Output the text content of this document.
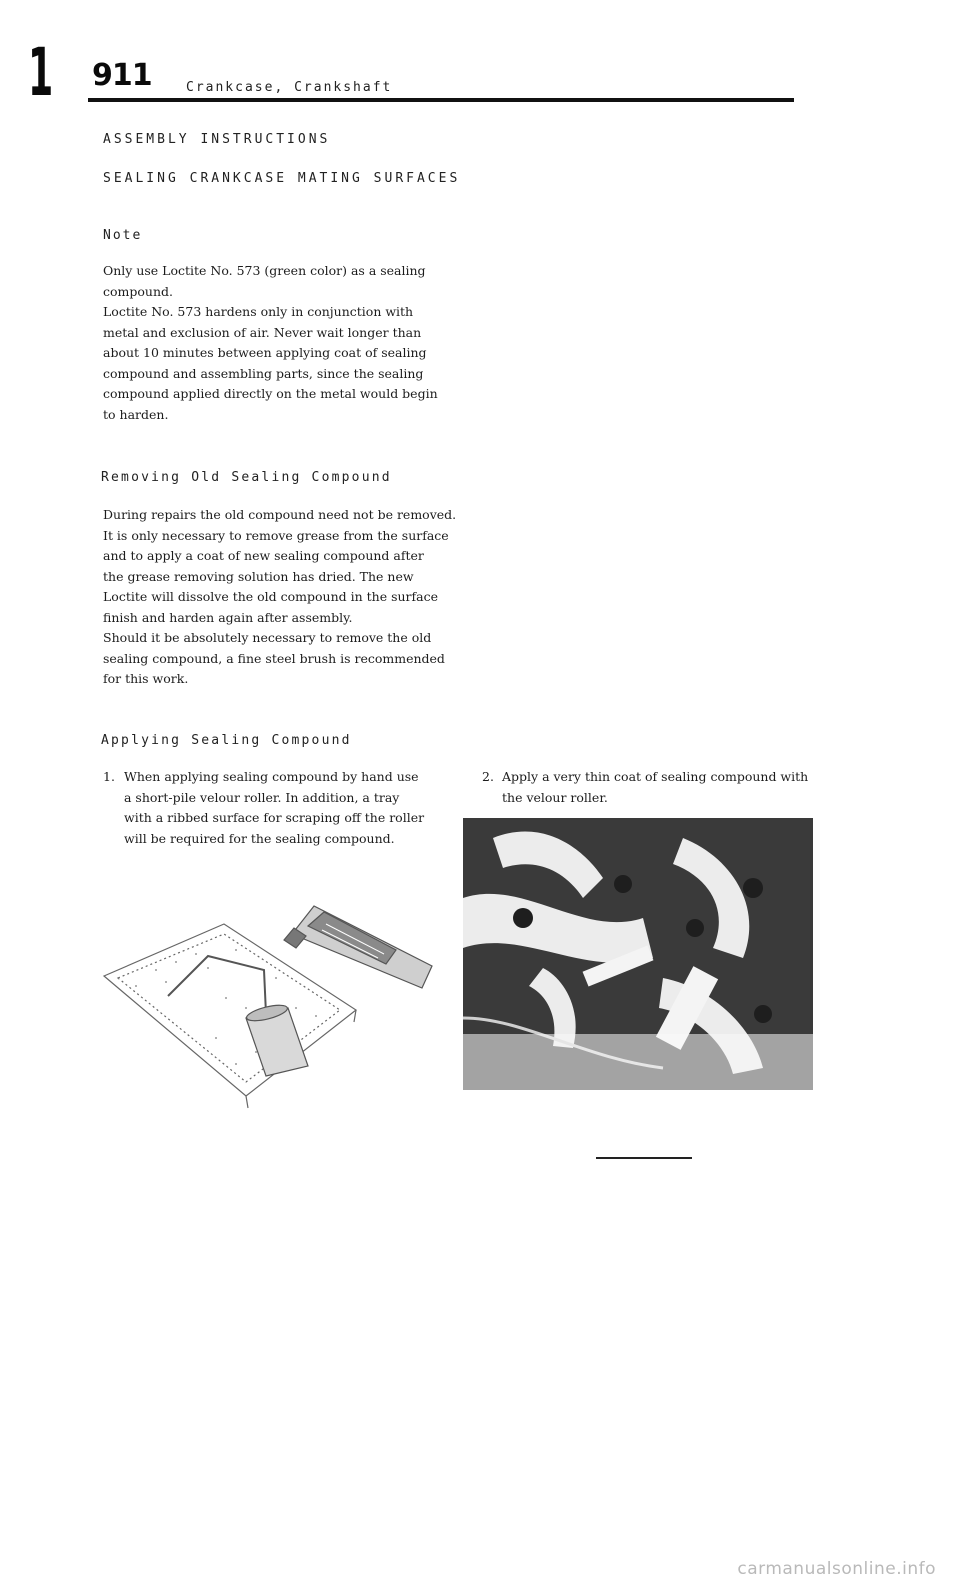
1 911	Crankcase, Crankshaft
ASSEMBLY INSTRUCTIONS
SEALING CRANKCASE MATING SURFACES
Note

Only use Loctite No. 573 (green color) as a sealing

compound.

Loctite No. 573 hardens only in conjunction with

metal and exclusion of air. Never wait longer than

about 10 minutes between applying coat of sealing

compound and assembling parts, since the sealing

compound applied directly on the metal would begin

to harden.

Removing Old Sealing Compound

During repairs the old compound need not be removed.

It is only necessary to remove grease from the surface

and to apply a coat of new sealing compound after

the grease removing solution has dried. The new

Loctite will dissolve the old compound in the surface

finish and harden again after assembly.

Should it be absolutely necessary to remove the old

sealing compound, a fine steel brush is recommended

for this work.

Applying Sealing Compound

1. When applying sealing compound by hand use

a short-pile velour roller. In addition, a tray

with a ribbed surface for scraping off the roller

will be required for the sealing compound.

2. Apply a very thin coat of sealing compound with

the velour roller.

carmanualsonline.info
